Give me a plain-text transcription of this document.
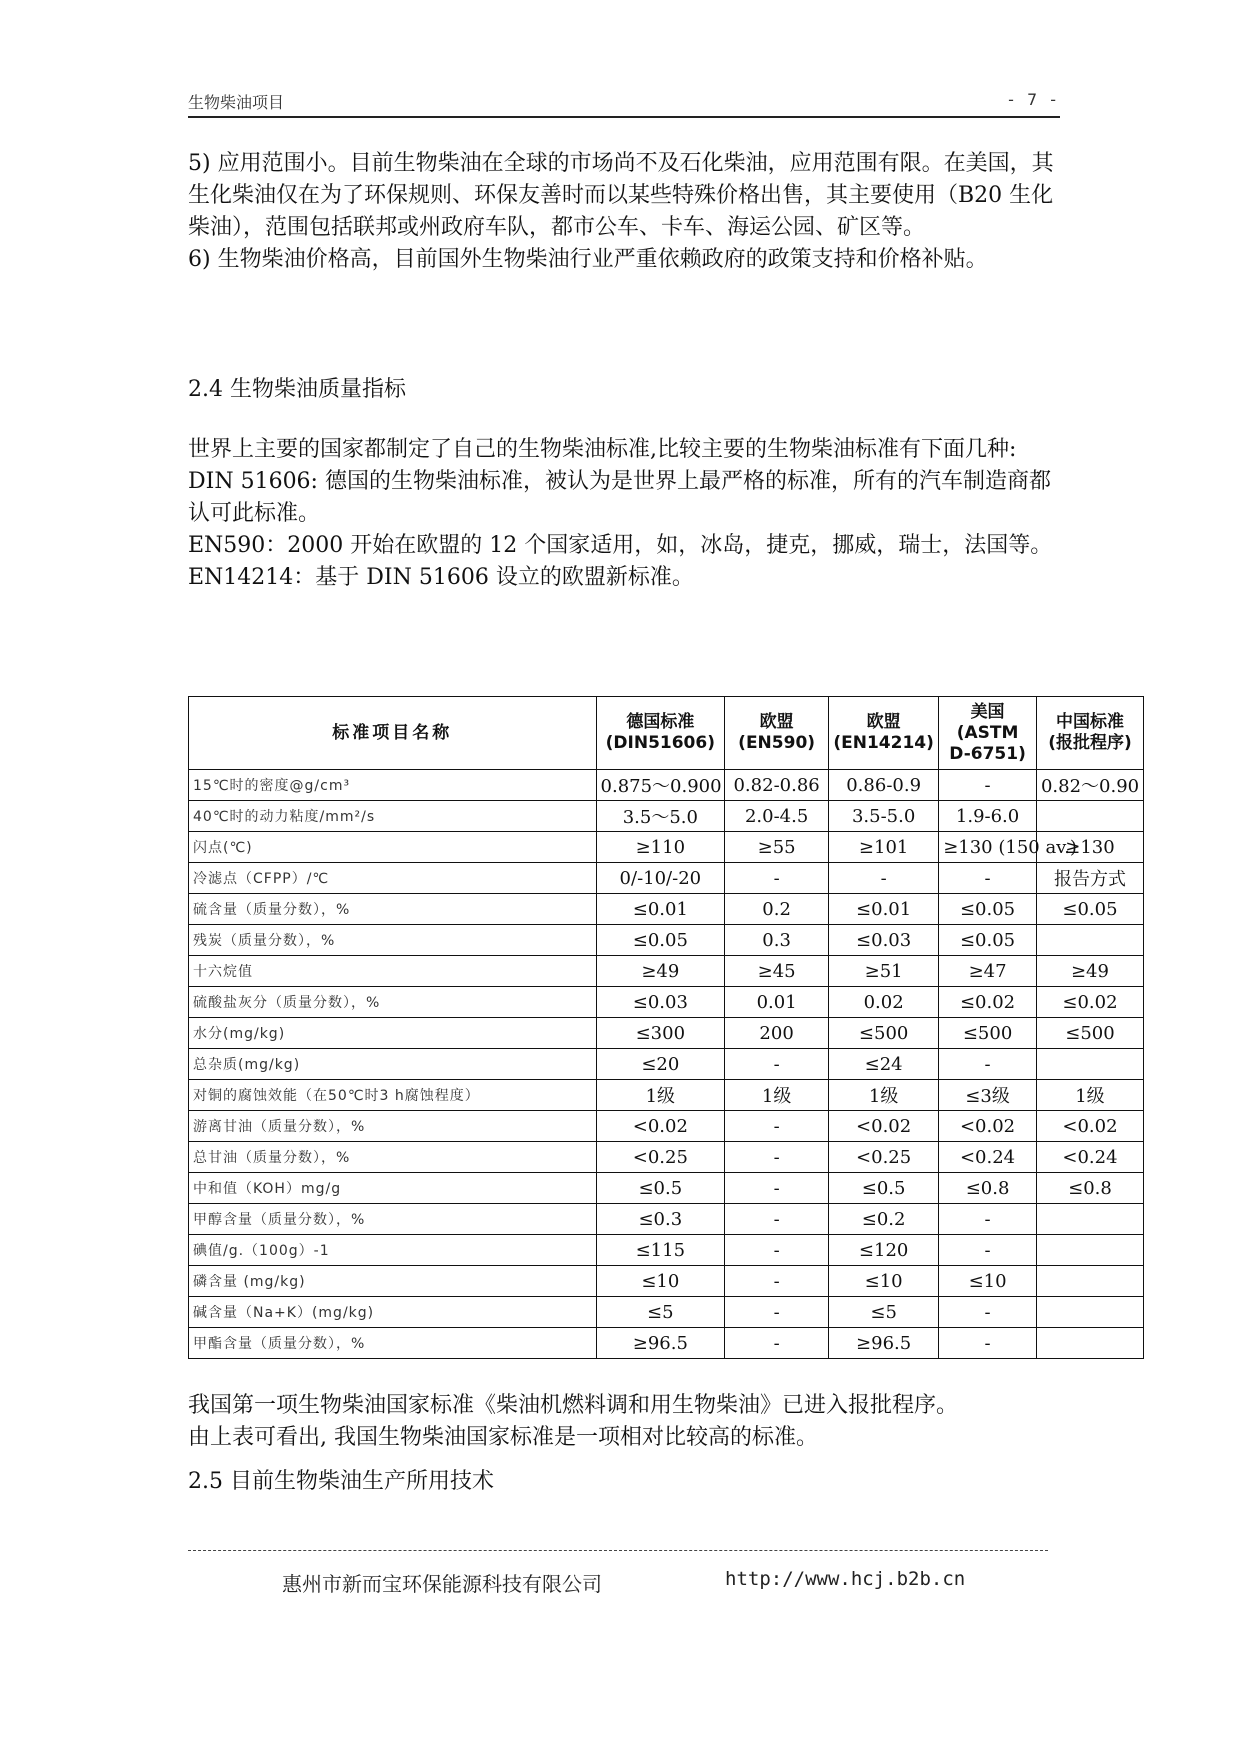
生物柴油项目	- 7 -

5) 应用范围小。目前生物柴油在全球的市场尚不及石化柴油，应用范围有限。在美国，其生化柴油仅在为了环保规则、环保友善时而以某些特殊价格出售，其主要使用（B20 生化柴油），范围包括联邦或州政府车队，都市公车、卡车、海运公园、矿区等。

6) 生物柴油价格高，目前国外生物柴油行业严重依赖政府的政策支持和价格补贴。

2.4 生物柴油质量指标

世界上主要的国家都制定了自己的生物柴油标准,比较主要的生物柴油标准有下面几种:

DIN 51606: 德国的生物柴油标准，被认为是世界上最严格的标准，所有的汽车制造商都认可此标准。

EN590：2000 开始在欧盟的 12 个国家适用，如，冰岛，捷克，挪威，瑞士，法国等。

EN14214：基于 DIN 51606 设立的欧盟新标准。

标准项目名称	德国标准 (DIN51606)	欧盟 (EN590)	欧盟 (EN14214)	美国 (ASTM D-6751)	中国标准 (报批程序)
15℃时的密度@g/cm³	0.875～0.900	0.82-0.86	0.86-0.9	-	0.82～0.90
40℃时的动力粘度/mm²/s	3.5～5.0	2.0-4.5	3.5-5.0	1.9-6.0	
闪点(℃)	≥110	≥55	≥101	≥130 (150 av.)	≥130
冷滤点（CFPP）/℃	0/-10/-20	-	-	-	报告方式
硫含量（质量分数），%	≤0.01	0.2	≤0.01	≤0.05	≤0.05
残炭（质量分数），%	≤0.05	0.3	≤0.03	≤0.05	
十六烷值	≥49	≥45	≥51	≥47	≥49
硫酸盐灰分（质量分数），%	≤0.03	0.01	0.02	≤0.02	≤0.02
水分(mg/kg)	≤300	200	≤500	≤500	≤500
总杂质(mg/kg)	≤20	-	≤24	-	
对铜的腐蚀效能（在50℃时3 h腐蚀程度）	1级	1级	1级	≤3级	1级
游离甘油（质量分数），%	<0.02	-	<0.02	<0.02	<0.02
总甘油（质量分数），%	<0.25	-	<0.25	<0.24	<0.24
中和值（KOH）mg/g	≤0.5	-	≤0.5	≤0.8	≤0.8
甲醇含量（质量分数），%	≤0.3	-	≤0.2	-	
碘值/g.（100g）-1	≤115	-	≤120	-	
磷含量 (mg/kg)	≤10	-	≤10	≤10	
碱含量（Na+K）(mg/kg)	≤5	-	≤5	-	
甲酯含量（质量分数），%	≥96.5	-	≥96.5	-	

我国第一项生物柴油国家标准《柴油机燃料调和用生物柴油》已进入报批程序。

由上表可看出, 我国生物柴油国家标准是一项相对比较高的标准。

2.5 目前生物柴油生产所用技术
惠州市新而宝环保能源科技有限公司	http://www.hcj.b2b.cn
